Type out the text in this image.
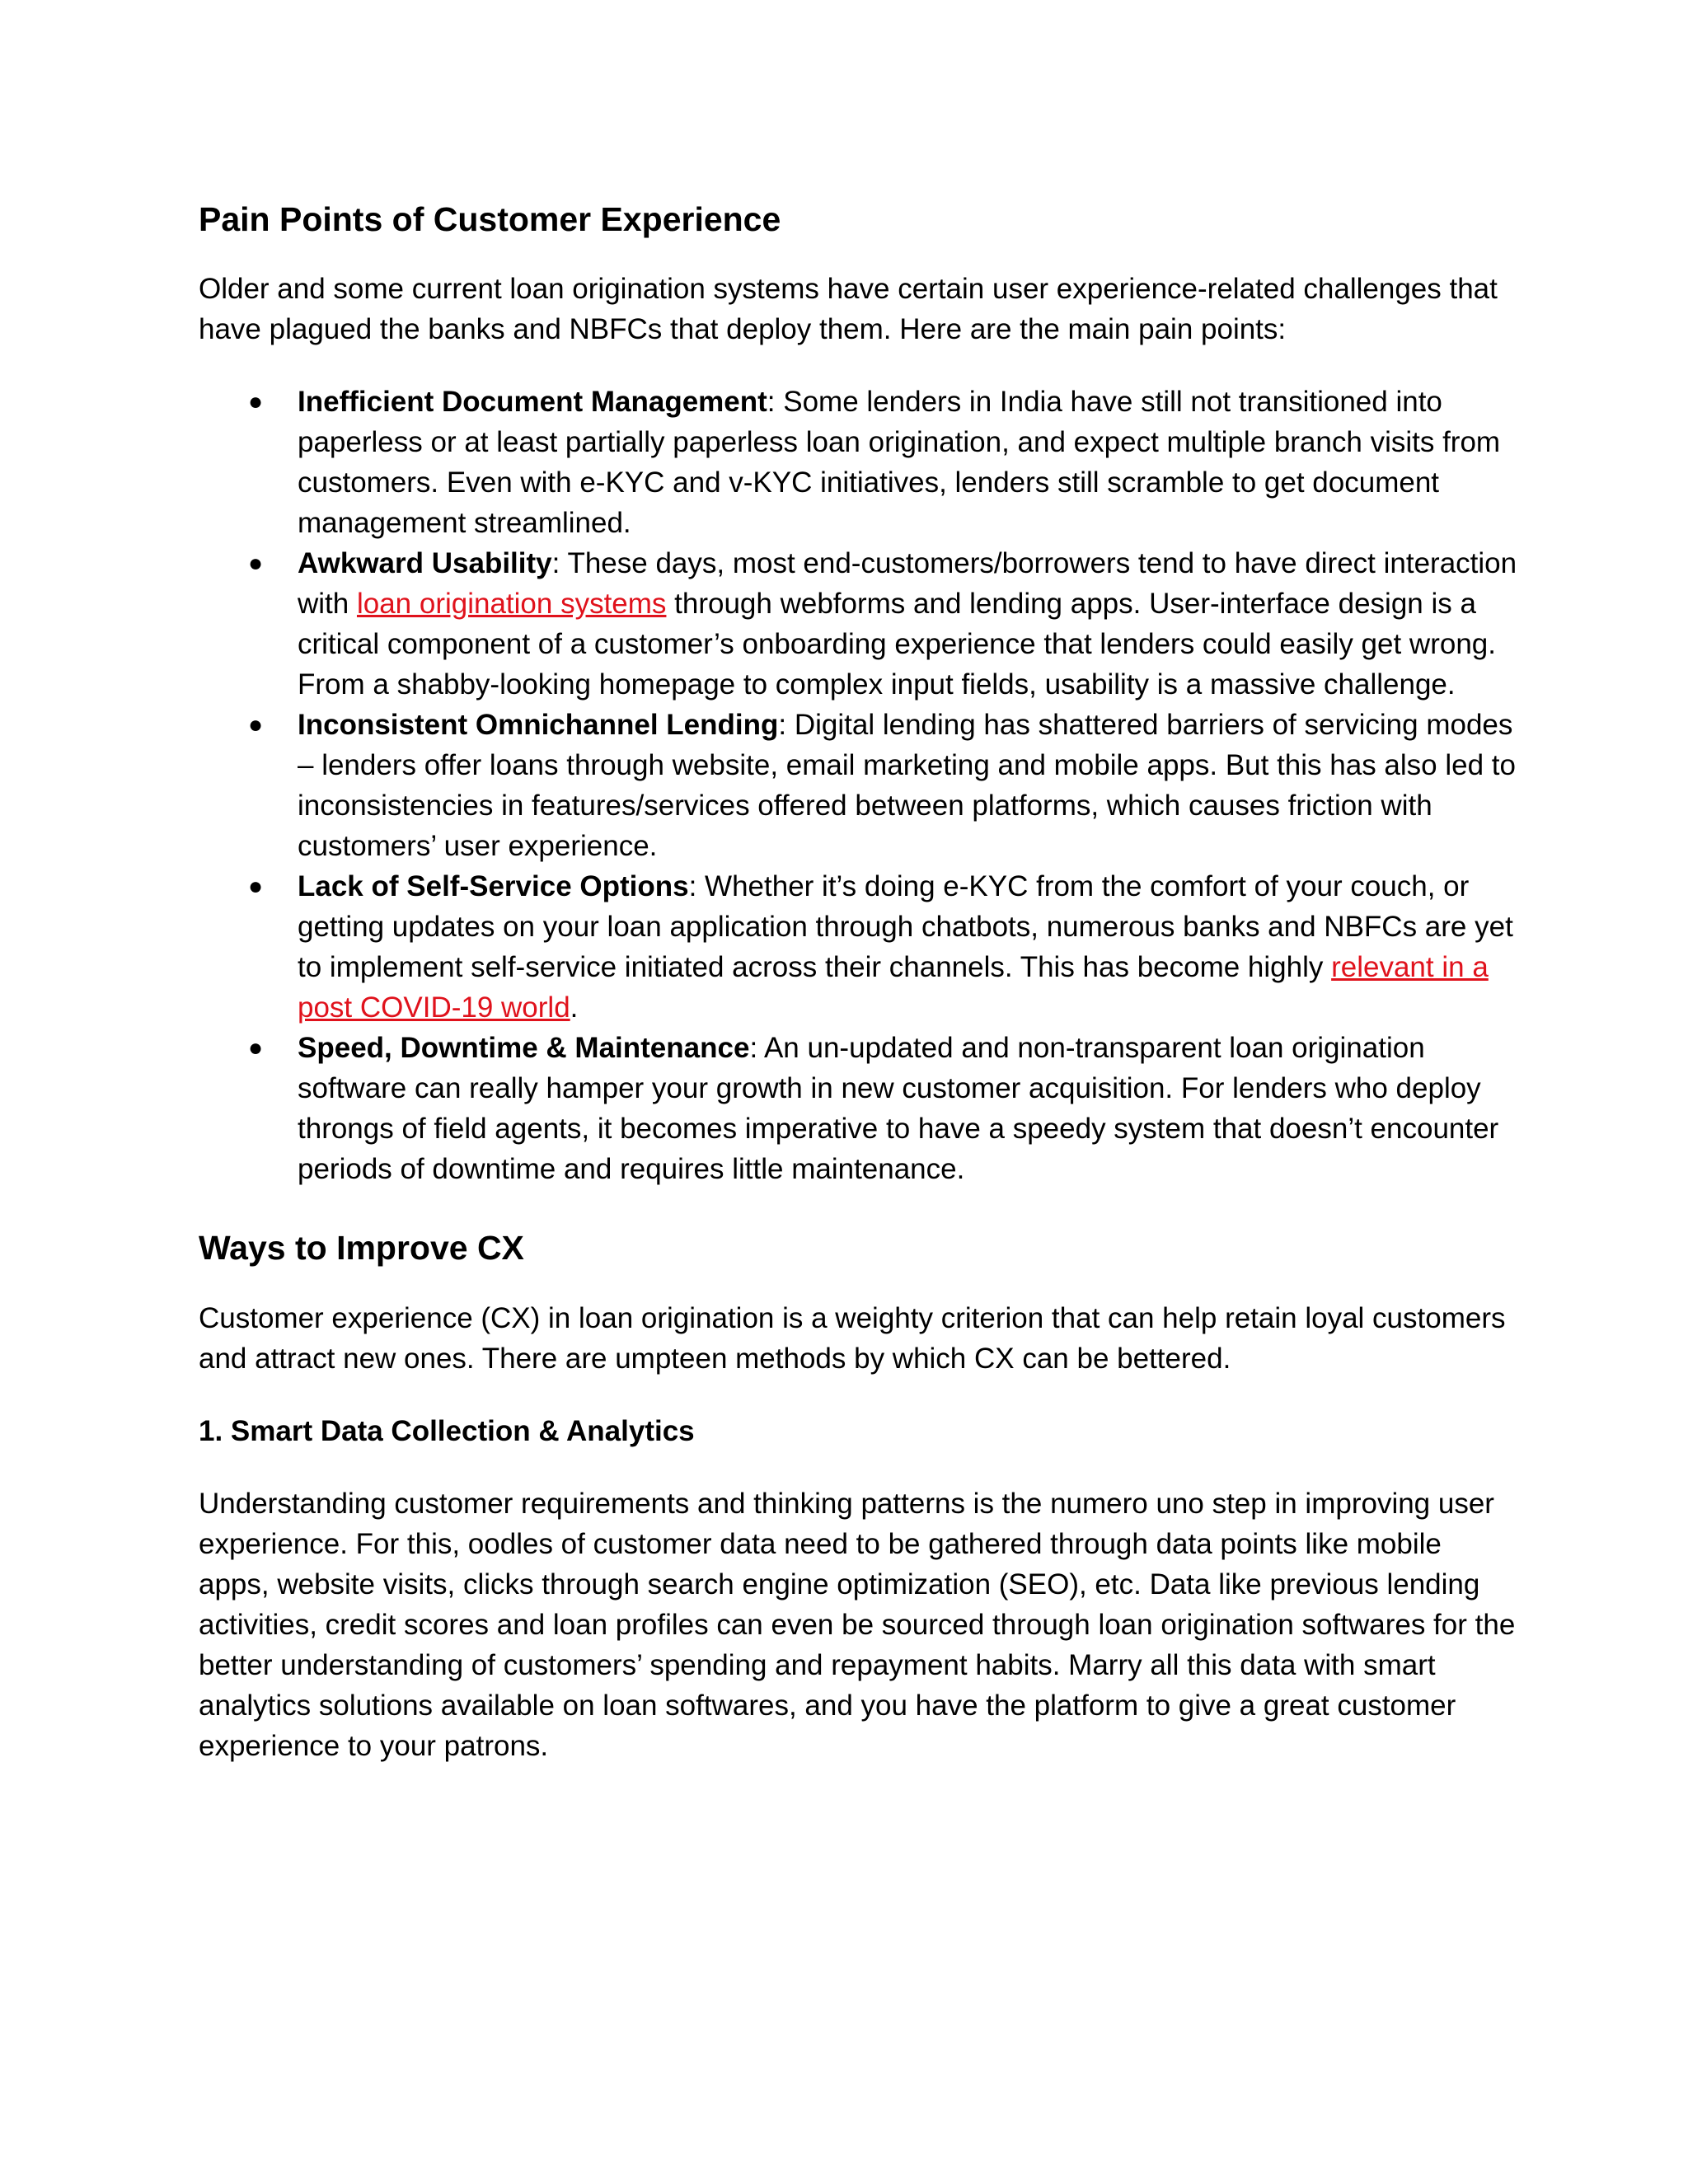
Pain Points of Customer Experience

Older and some current loan origination systems have certain user experience-related challenges that have plagued the banks and NBFCs that deploy them. Here are the main pain points:

● Inefficient Document Management: Some lenders in India have still not transitioned into paperless or at least partially paperless loan origination, and expect multiple branch visits from customers. Even with e-KYC and v-KYC initiatives, lenders still scramble to get document management streamlined.
● Awkward Usability: These days, most end-customers/borrowers tend to have direct interaction with loan origination systems through webforms and lending apps. User-interface design is a critical component of a customer’s onboarding experience that lenders could easily get wrong. From a shabby-looking homepage to complex input fields, usability is a massive challenge.
● Inconsistent Omnichannel Lending: Digital lending has shattered barriers of servicing modes – lenders offer loans through website, email marketing and mobile apps. But this has also led to inconsistencies in features/services offered between platforms, which causes friction with customers’ user experience.
● Lack of Self-Service Options: Whether it’s doing e-KYC from the comfort of your couch, or getting updates on your loan application through chatbots, numerous banks and NBFCs are yet to implement self-service initiated across their channels. This has become highly relevant in a post COVID-19 world.
● Speed, Downtime & Maintenance: An un-updated and non-transparent loan origination software can really hamper your growth in new customer acquisition. For lenders who deploy throngs of field agents, it becomes imperative to have a speedy system that doesn’t encounter periods of downtime and requires little maintenance.
Ways to Improve CX

Customer experience (CX) in loan origination is a weighty criterion that can help retain loyal customers and attract new ones. There are umpteen methods by which CX can be bettered.

1. Smart Data Collection & Analytics

Understanding customer requirements and thinking patterns is the numero uno step in improving user experience. For this, oodles of customer data need to be gathered through data points like mobile apps, website visits, clicks through search engine optimization (SEO), etc. Data like previous lending activities, credit scores and loan profiles can even be sourced through loan origination softwares for the better understanding of customers’ spending and repayment habits. Marry all this data with smart analytics solutions available on loan softwares, and you have the platform to give a great customer experience to your patrons.
